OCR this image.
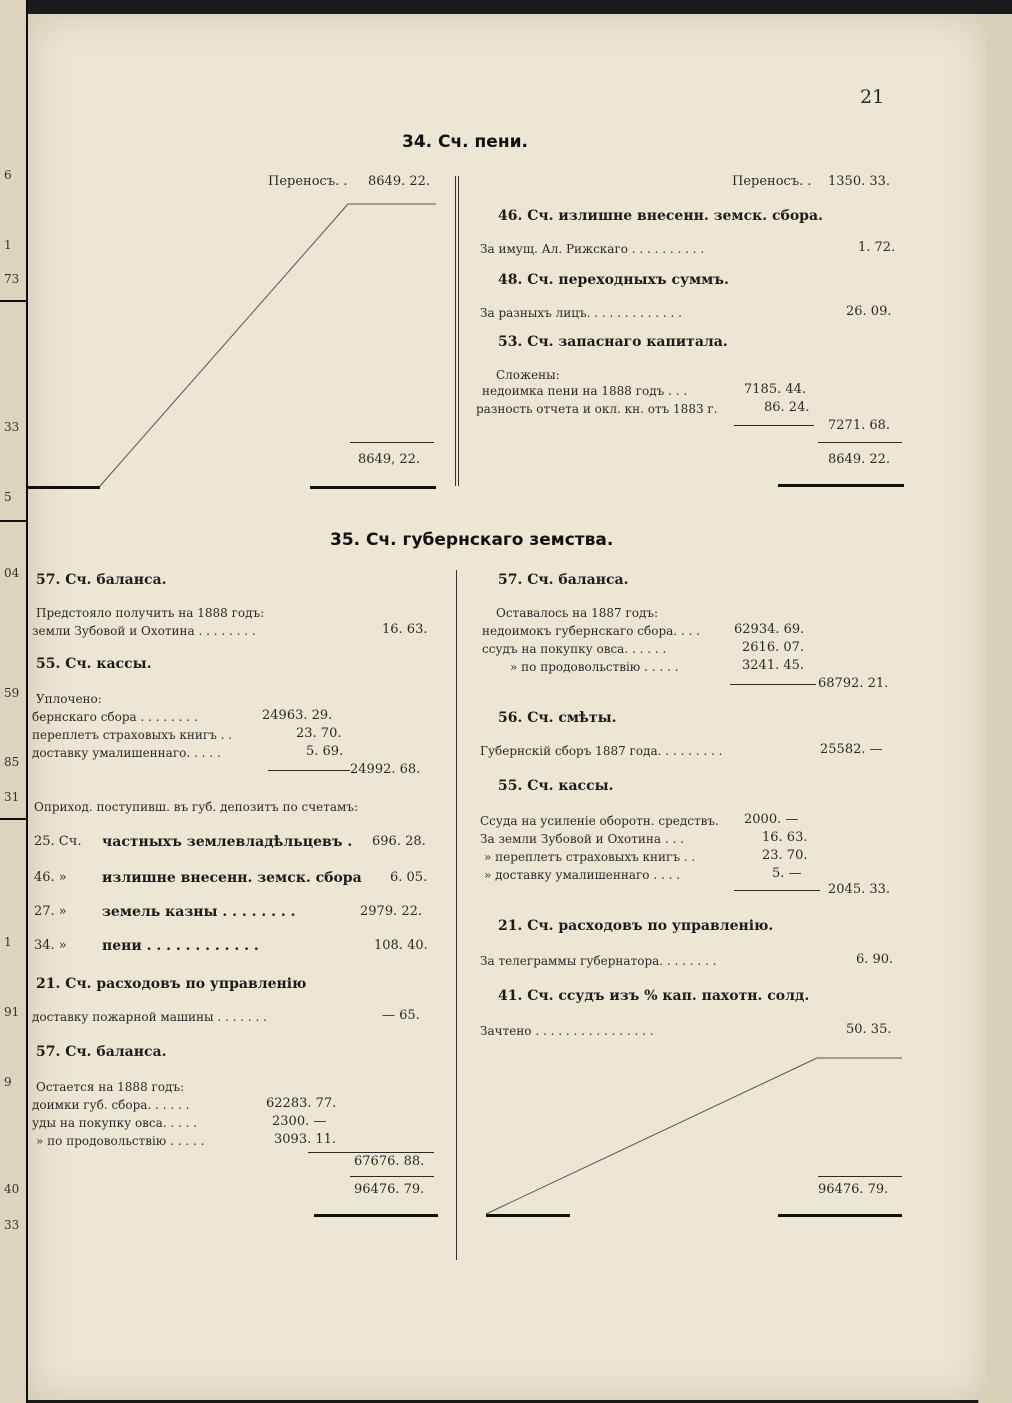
6
1
73
33
5
04
59
85
31
1
91
9
40
33
21
34. Сч. пени.
Переносъ. . 8649. 22.
8649, 22.
Переносъ. . 1350. 33.
46. Сч. излишне внесенн. земск. сбора.
За имущ. Ал. Рижскаго . . . . . . . . . .	1. 72.
48. Сч. переходныхъ суммъ.
За разныхъ лицъ. . . . . . . . . . . . .	26. 09.
53. Сч. запаснаго капитала.
Сложены:
недоимка пени на 1888 годъ . . .	7185. 44.
разность отчета и окл. кн. отъ 1883 г.	86. 24.
7271. 68.
8649. 22.
35. Сч. губернскаго земства.
57. Сч. баланса.
Предстояло получить на 1888 годъ:
земли Зубовой и Охотина . . . . . . . .	16. 63.
55. Сч. кассы.
Уплочено:
бернскаго сбора . . . . . . . .	24963. 29.
переплетъ страховыхъ книгъ . .	23. 70.
доставку умалишеннаго. . . . .	5. 69.
24992. 68.
Оприход. поступивш. въ губ. депозитъ по счетамъ:
25. Сч. частныхъ землевладѣльцевъ . 696. 28.
46. »	излишне внесенн. земск. сбора 6. 05.
27. »	земель казны . . . . . . . .	2979. 22.
34. »	пени . . . . . . . . . . . .	108. 40.
21. Сч. расходовъ по управленію
доставку пожарной машины . . . . . . .	— 65.
57. Сч. баланса.
Остается на 1888 годъ:
доимки губ. сбора. . . . . .	62283. 77.
уды на покупку овса. . . . .	2300. —
» по продовольствію . . . . .	3093. 11.
67676. 88.
96476. 79.
57. Сч. баланса.
Оставалось на 1887 годъ:
недоимокъ губернскаго сбора. . . .	62934. 69.
ссудъ на покупку овса. . . . . .	2616. 07.
» по продовольствію . . . . .	3241. 45.
68792. 21.
56. Сч. смѣты.
Губернскій сборъ 1887 года. . . . . . . . .	25582. —
55. Сч. кассы.
Ссуда на усиленіе оборотн. средствъ. 2000. —
За земли Зубовой и Охотина . . .	16. 63.
» переплетъ страховыхъ книгъ . .	23. 70.
» доставку умалишеннаго . . . .	5. —
2045. 33.
21. Сч. расходовъ по управленію.
За телеграммы губернатора. . . . . . . .	6. 90.
41. Сч. ссудъ изъ % кап. пахотн. солд.
Зачтено . . . . . . . . . . . . . . . .	50. 35.
96476. 79.
